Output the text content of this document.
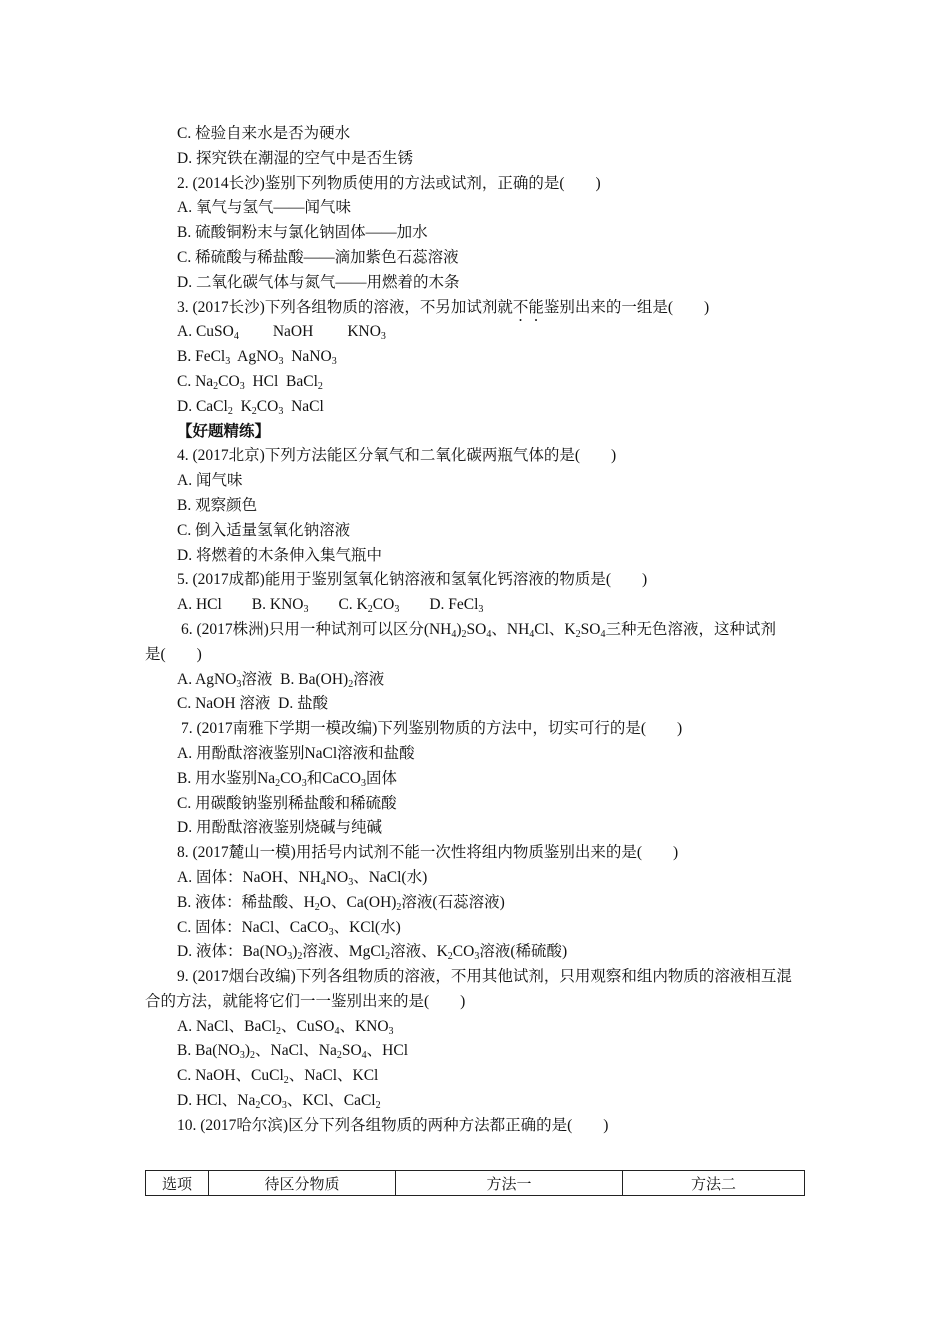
C. 检验自来水是否为硬水
D. 探究铁在潮湿的空气中是否生锈
2. (2014长沙)鉴别下列物质使用的方法或试剂，正确的是(　　)
A. 氧气与氢气——闻气味
B. 硫酸铜粉末与氯化钠固体——加水
C. 稀硫酸与稀盐酸——滴加紫色石蕊溶液
D. 二氧化碳气体与氮气——用燃着的木条
3. (2017长沙)下列各组物质的溶液，不另加试剂就不能鉴别出来的一组是(　　)
A. CuSO$_4$ NaOH $KNO_3$
B. FeCl$_3$  AgNO$_3$  NaNO$_3$
C. $Na_2CO_3$  HCl  BaCl$_2$
D. CaCl$_2$  $K_2CO_3$  NaCl
【好题精练】
4. (2017北京)下列方法能区分氧气和二氧化碳两瓶气体的是(　　)
A. 闻气味
B. 观察颜色
C. 倒入适量氢氧化钠溶液
D. 将燃着的木条伸入集气瓶中
5. (2017成都)能用于鉴别氢氧化钠溶液和氢氧化钙溶液的物质是(　　)
A. HCl B. $KNO_3$ C. $K_2CO_3$ D. FeCl$_3$
6. (2017株洲)只用一种试剂可以区分$(NH_4)_2SO_4$、$NH_4Cl$、$K_2SO_4$三种无色溶液，这种试剂
是(　　)
A. AgNO$_3$溶液  B. $Ba(OH)_2$溶液
C. NaOH 溶液  D. 盐酸
7. (2017南雅下学期一模改编)下列鉴别物质的方法中，切实可行的是(　　)
A. 用酚酞溶液鉴别NaCl溶液和盐酸
B. 用水鉴别$Na_2CO_3$和CaCO$_3$固体
C. 用碳酸钠鉴别稀盐酸和稀硫酸
D. 用酚酞溶液鉴别烧碱与纯碱
8. (2017麓山一模)用括号内试剂不能一次性将组内物质鉴别出来的是(　　)
A. 固体：NaOH、$NH_4NO_3$、NaCl(水)
B. 液体：稀盐酸、$H_2O$、$Ca(OH)_2$溶液(石蕊溶液)
C. 固体：NaCl、CaCO$_3$、KCl(水)
D. 液体：$Ba(NO_3)_2$溶液、MgCl$_2$溶液、$K_2CO_3$溶液(稀硫酸)
9. (2017烟台改编)下列各组物质的溶液，不用其他试剂，只用观察和组内物质的溶液相互混合的方法，就能将它们一一鉴别出来的是(　　)
A. NaCl、BaCl$_2$、CuSO$_4$、$KNO_3$
B. $Ba(NO_3)_2$、NaCl、$Na_2SO_4$、HCl
C. NaOH、CuCl$_2$、NaCl、KCl
D. HCl、$Na_2CO_3$、KCl、CaCl$_2$
10. (2017哈尔滨)区分下列各组物质的两种方法都正确的是(　　)
选项	待区分物质	方法一	方法二
